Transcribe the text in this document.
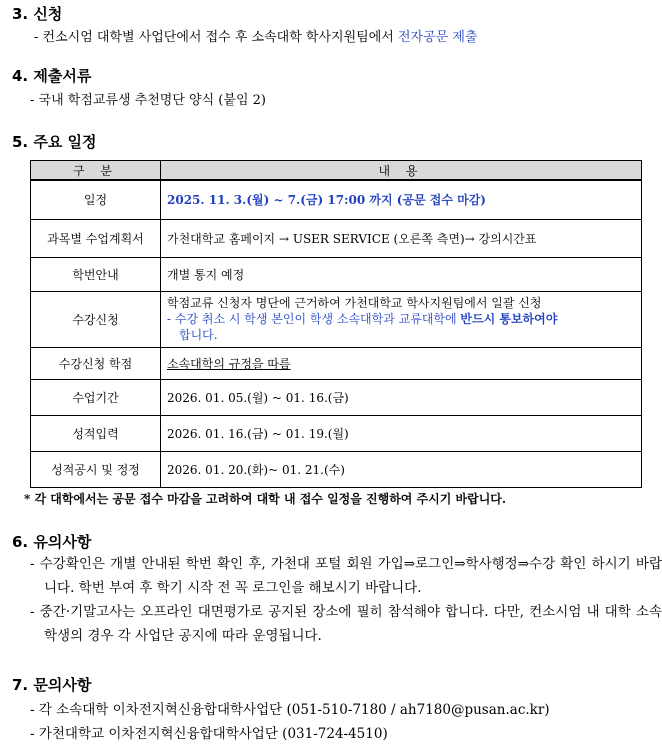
3. 신청
- 컨소시엄 대학별 사업단에서 접수 후 소속대학 학사지원팀에서 전자공문 제출
4. 제출서류
- 국내 학점교류생 추천명단 양식 (붙임 2)
5. 주요 일정
구 분	내 용
일정	2025. 11. 3.(월) ~ 7.(금) 17:00 까지 (공문 접수 마감)
과목별 수업계획서	가천대학교 홈페이지 → USER SERVICE (오른쪽 측면)→ 강의시간표
학번안내	개별 통지 예정
수강신청	학점교류 신청자 명단에 근거하여 가천대학교 학사지원팀에서 일괄 신청
- 수강 취소 시 학생 본인이 학생 소속대학과 교류대학에 반드시 통보하여야
합니다.

수강신청 학점	소속대학의 규정을 따름
수업기간	2026. 01. 05.(월) ~ 01. 16.(금)
성적입력	2026. 01. 16.(금) ~ 01. 19.(월)
성적공시 및 정정	2026. 01. 20.(화)~ 01. 21.(수)
* 각 대학에서는 공문 접수 마감을 고려하여 대학 내 접수 일정을 진행하여 주시기 바랍니다.
6. 유의사항
- 수강확인은 개별 안내된 학번 확인 후, 가천대 포털 회원 가입⇒로그인⇒학사행정⇒수강 확인 하시기 바랍니다. 학번 부여 후 학기 시작 전 꼭 로그인을 해보시기 바랍니다.
- 중간·기말고사는 오프라인 대면평가로 공지된 장소에 필히 참석해야 합니다. 다만, 컨소시엄 내 대학 소속학생의 경우 각 사업단 공지에 따라 운영됩니다.
7. 문의사항
- 각 소속대학 이차전지혁신융합대학사업단 (051-510-7180 / ah7180@pusan.ac.kr)
- 가천대학교 이차전지혁신융합대학사업단 (031-724-4510)
